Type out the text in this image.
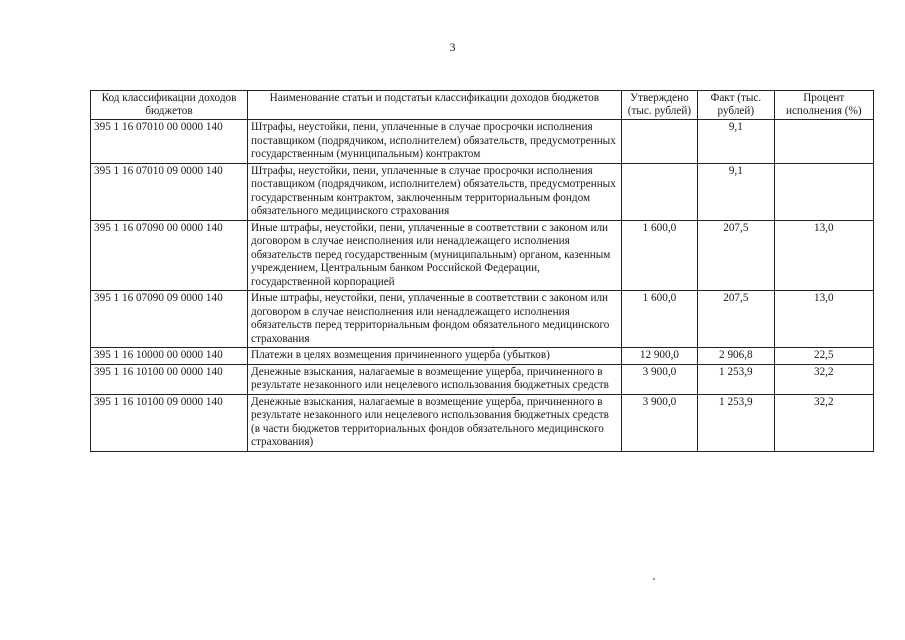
3
Код классификации доходов бюджетов	Наименование статьи и подстатьи классификации доходов бюджетов	Утверждено (тыс. рублей)	Факт (тыс. рублей)	Процент исполнения (%)
395 1 16 07010 00 0000 140	Штрафы, неустойки, пени, уплаченные в случае просрочки исполнения поставщиком (подрядчиком, исполнителем) обязательств, предусмотренных государственным (муниципальным) контрактом		9,1	
395 1 16 07010 09 0000 140	Штрафы, неустойки, пени, уплаченные в случае просрочки исполнения поставщиком (подрядчиком, исполнителем) обязательств, предусмотренных государственным контрактом, заключенным территориальным фондом обязательного медицинского страхования		9,1	
395 1 16 07090 00 0000 140	Иные штрафы, неустойки, пени, уплаченные в соответствии с законом или договором в случае неисполнения или ненадлежащего исполнения обязательств перед государственным (муниципальным) органом, казенным учреждением, Центральным банком Российской Федерации, государственной корпорацией	1 600,0	207,5	13,0
395 1 16 07090 09 0000 140	Иные штрафы, неустойки, пени, уплаченные в соответствии с законом или договором в случае неисполнения или ненадлежащего исполнения обязательств перед территориальным фондом обязательного медицинского страхования	1 600,0	207,5	13,0
395 1 16 10000 00 0000 140	Платежи в целях возмещения причиненного ущерба (убытков)	12 900,0	2 906,8	22,5
395 1 16 10100 00 0000 140	Денежные взыскания, налагаемые в возмещение ущерба, причиненного в результате незаконного или нецелевого использования бюджетных средств	3 900,0	1 253,9	32,2
395 1 16 10100 09 0000 140	Денежные взыскания, налагаемые в возмещение ущерба, причиненного в результате незаконного или нецелевого использования бюджетных средств (в части бюджетов территориальных фондов обязательного медицинского страхования)	3 900,0	1 253,9	32,2
